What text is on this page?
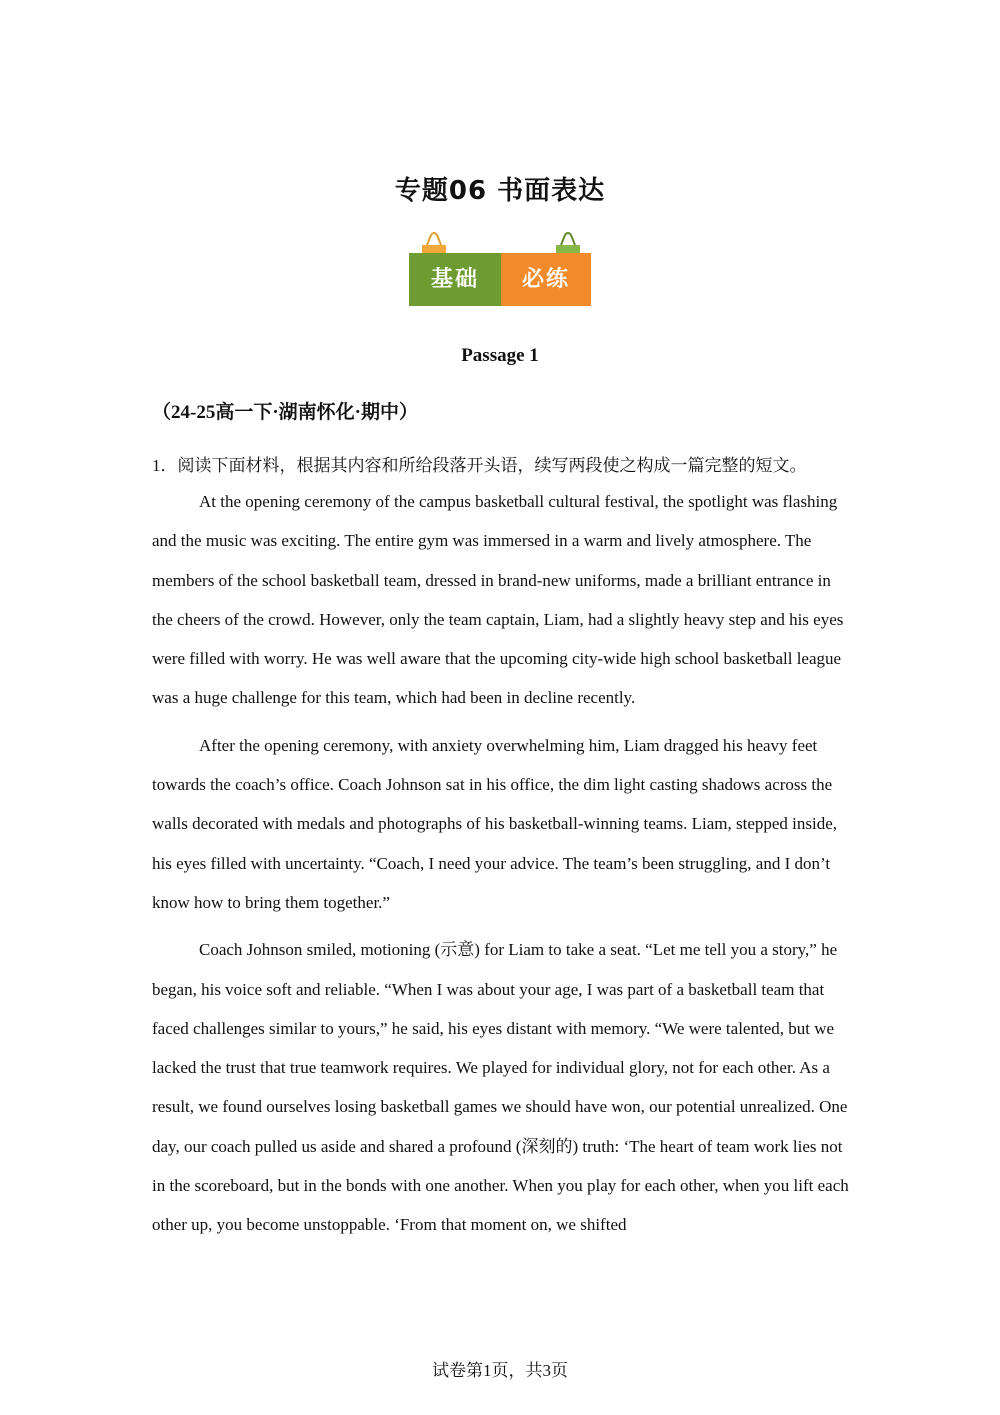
专题06 书面表达
基础	必练
Passage 1
（24-25高一下·湖南怀化·期中）
1．阅读下面材料，根据其内容和所给段落开头语，续写两段使之构成一篇完整的短文。

At the opening ceremony of the campus basketball cultural festival, the spotlight was flashing and the music was exciting. The entire gym was immersed in a warm and lively atmosphere. The members of the school basketball team, dressed in brand-new uniforms, made a brilliant entrance in the cheers of the crowd. However, only the team captain, Liam, had a slightly heavy step and his eyes were filled with worry. He was well aware that the upcoming city-wide high school basketball league was a huge challenge for this team, which had been in decline recently.

After the opening ceremony, with anxiety overwhelming him, Liam dragged his heavy feet towards the coach’s office. Coach Johnson sat in his office, the dim light casting shadows across the walls decorated with medals and photographs of his basketball-winning teams. Liam, stepped inside, his eyes filled with uncertainty. “Coach, I need your advice. The team’s been struggling, and I don’t know how to bring them together.”

Coach Johnson smiled, motioning (示意) for Liam to take a seat. “Let me tell you a story,” he began, his voice soft and reliable. “When I was about your age, I was part of a basketball team that faced challenges similar to yours,” he said, his eyes distant with memory. “We were talented, but we lacked the trust that true teamwork requires. We played for individual glory, not for each other. As a result, we found ourselves losing basketball games we should have won, our potential unrealized. One day, our coach pulled us aside and shared a profound (深刻的) truth: ‘The heart of team work lies not in the scoreboard, but in the bonds with one another. When you play for each other, when you lift each other up, you become unstoppable. ‘From that moment on, we shifted

试卷第1页，共3页
